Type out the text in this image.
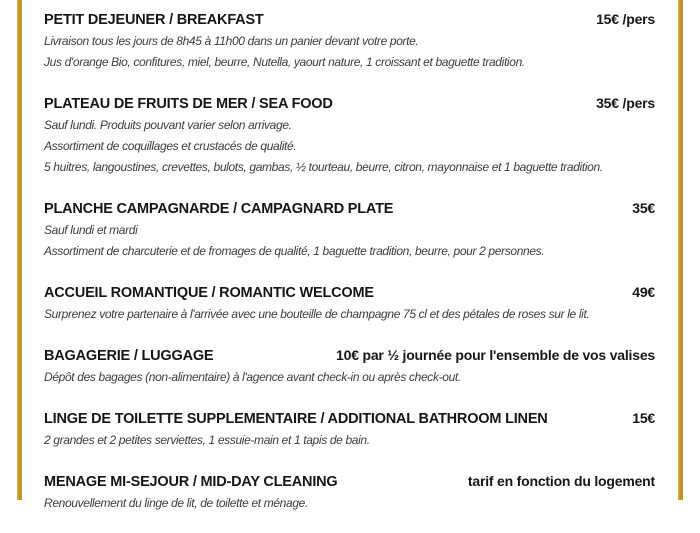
PETIT DEJEUNER / BREAKFAST	15€ /pers
Livraison tous les jours de 8h45 à 11h00 dans un panier devant votre porte.
Jus d'orange Bio, confitures, miel, beurre, Nutella, yaourt nature, 1 croissant et baguette tradition.
PLATEAU DE FRUITS DE MER / SEA FOOD	35€ /pers
Sauf lundi. Produits pouvant varier selon arrivage.
Assortiment de coquillages et crustacés de qualité.
5 huitres, langoustines, crevettes, bulots, gambas, ½ tourteau, beurre, citron, mayonnaise et 1 baguette tradition.
PLANCHE CAMPAGNARDE / CAMPAGNARD PLATE	35€
Sauf lundi et mardi
Assortiment de charcuterie et de fromages de qualité, 1 baguette tradition, beurre, pour 2 personnes.
ACCUEIL ROMANTIQUE / ROMANTIC WELCOME	49€
Surprenez votre partenaire à l'arrivée avec une bouteille de champagne 75 cl et des pétales de roses sur le lit.
BAGAGERIE / LUGGAGE	10€ par ½ journée pour l'ensemble de vos valises
Dépôt des bagages (non-alimentaire) à l'agence avant check-in ou après check-out.
LINGE DE TOILETTE SUPPLEMENTAIRE / ADDITIONAL BATHROOM LINEN	15€
2 grandes et 2 petites serviettes, 1 essuie-main et 1 tapis de bain.
MENAGE MI-SEJOUR / MID-DAY CLEANING	tarif en fonction du logement
Renouvellement du linge de lit, de toilette et ménage.
